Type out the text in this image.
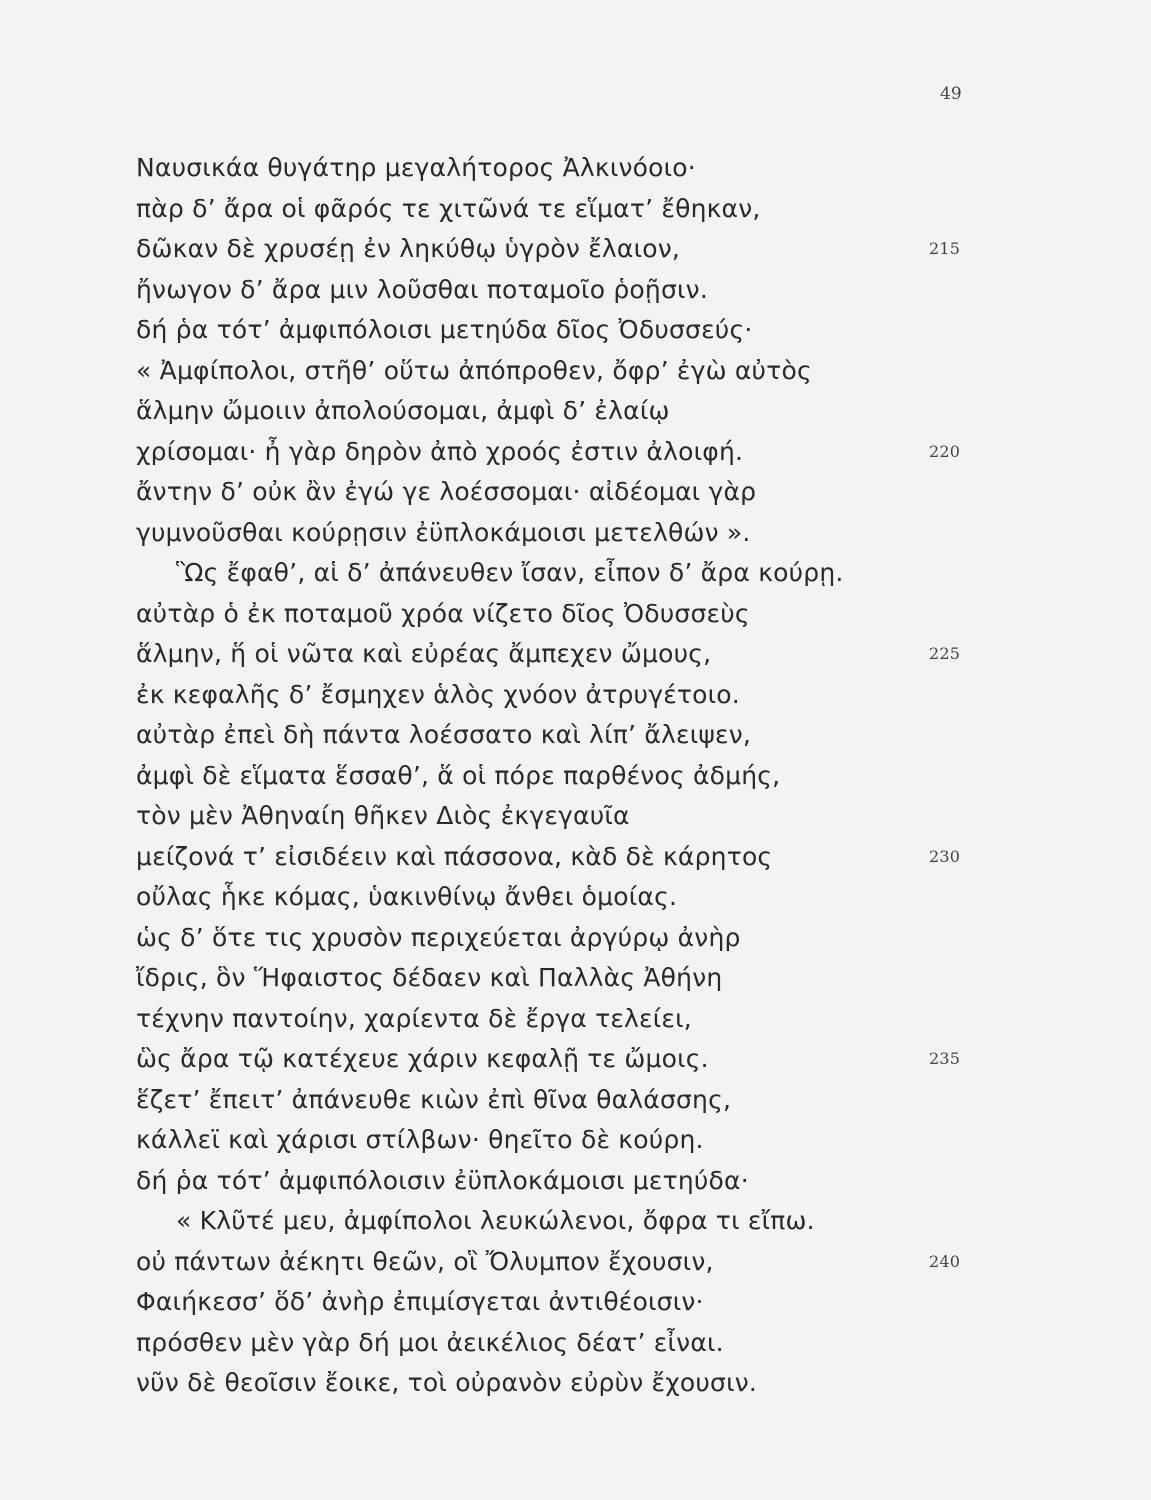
49
Ναυσικάα θυγάτηρ μεγαλήτορος Ἀλκινόοιο·
πὰρ δ’ ἄρα οἱ φᾶρός τε χιτῶνά τε εἵματ’ ἔθηκαν,
δῶκαν δὲ χρυσέῃ ἐν ληκύθῳ ὑγρὸν ἔλαιον,	215
ἤνωγον δ’ ἄρα μιν λοῦσθαι ποταμοῖο ῥοῇσιν.
δή ῥα τότ’ ἀμφιπόλοισι μετηύδα δῖος Ὀδυσσεύς·
« Ἀμφίπολοι, στῆθ’ οὕτω ἀπόπροθεν, ὄφρ’ ἐγὼ αὐτὸς
ἅλμην ὤμοιιν ἀπολούσομαι, ἀμφὶ δ’ ἐλαίῳ
χρίσομαι· ἦ γὰρ δηρὸν ἀπὸ χροός ἐστιν ἀλοιφή.	220
ἄντην δ’ οὐκ ἂν ἐγώ γε λοέσσομαι· αἰδέομαι γὰρ
γυμνοῦσθαι κούρῃσιν ἐϋπλοκάμοισι μετελθών ».
Ὣς ἔφαθ’, αἱ δ’ ἀπάνευθεν ἴσαν, εἶπον δ’ ἄρα κούρῃ.
αὐτὰρ ὁ ἐκ ποταμοῦ χρόα νίζετο δῖος Ὀδυσσεὺς
ἅλμην, ἥ οἱ νῶτα καὶ εὐρέας ἄμπεχεν ὤμους,	225
ἐκ κεφαλῆς δ’ ἔσμηχεν ἁλὸς χνόον ἀτρυγέτοιο.
αὐτὰρ ἐπεὶ δὴ πάντα λοέσσατο καὶ λίπ’ ἄλειψεν,
ἀμφὶ δὲ εἵματα ἕσσαθ’, ἅ οἱ πόρε παρθένος ἀδμής,
τὸν μὲν Ἀθηναίη θῆκεν Διὸς ἐκγεγαυῖα
μείζονά τ’ εἰσιδέειν καὶ πάσσονα, κὰδ δὲ κάρητος	230
οὔλας ἧκε κόμας, ὑακινθίνῳ ἄνθει ὁμοίας.
ὡς δ’ ὅτε τις χρυσὸν περιχεύεται ἀργύρῳ ἀνὴρ
ἴδρις, ὃν Ἥφαιστος δέδαεν καὶ Παλλὰς Ἀθήνη
τέχνην παντοίην, χαρίεντα δὲ ἔργα τελείει,
ὣς ἄρα τῷ κατέχευε χάριν κεφαλῇ τε ὤμοις.	235
ἕζετ’ ἔπειτ’ ἀπάνευθε κιὼν ἐπὶ θῖνα θαλάσσης,
κάλλεϊ καὶ χάρισι στίλβων· θηεῖτο δὲ κούρη.
δή ῥα τότ’ ἀμφιπόλοισιν ἐϋπλοκάμοισι μετηύδα·
« Κλῦτέ μευ, ἀμφίπολοι λευκώλενοι, ὄφρα τι εἴπω.
οὐ πάντων ἀέκητι θεῶν, οἳ Ὄλυμπον ἔχουσιν,	240
Φαιήκεσσ’ ὅδ’ ἀνὴρ ἐπιμίσγεται ἀντιθέοισιν·
πρόσθεν μὲν γὰρ δή μοι ἀεικέλιος δέατ’ εἶναι.
νῦν δὲ θεοῖσιν ἔοικε, τοὶ οὐρανὸν εὐρὺν ἔχουσιν.
